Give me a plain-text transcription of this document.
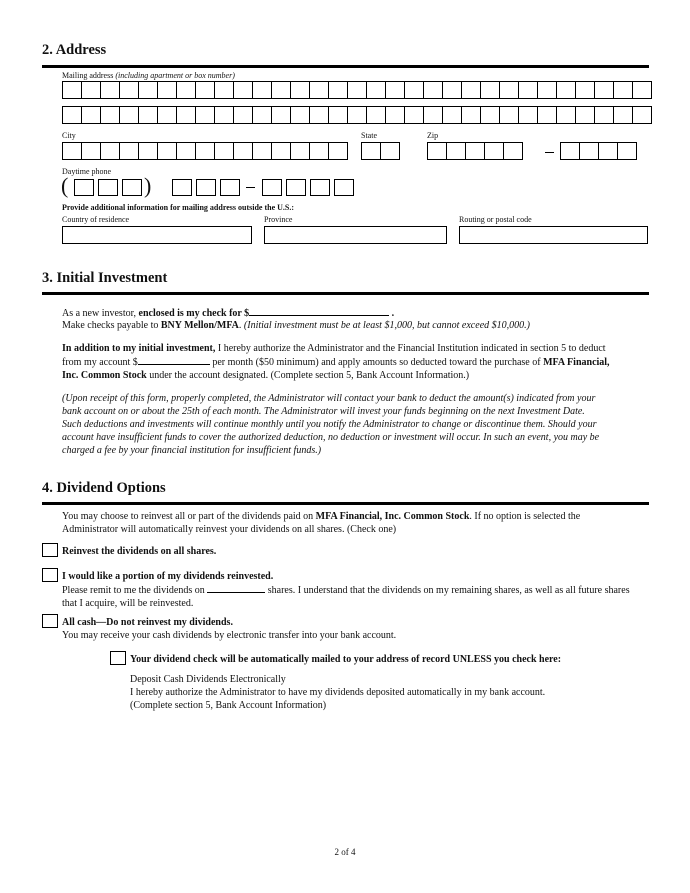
2. Address
Mailing address (including apartment or box number)
City	State	Zip
Daytime phone
(	)
Provide additional information for mailing address outside the U.S.:
Country of residence	Province	Routing or postal code
3. Initial Investment
As a new investor, enclosed is my check for $	.
Make checks payable to BNY Mellon/MFA. (Initial investment must be at least $1,000, but cannot exceed $10,000.)
In addition to my initial investment, I hereby authorize the Administrator and the Financial Institution indicated in section 5 to deduct
from my account $	per month ($50 minimum) and apply amounts so deducted toward the purchase of MFA Financial,
Inc. Common Stock under the account designated. (Complete section 5, Bank Account Information.)
(Upon receipt of this form, properly completed, the Administrator will contact your bank to deduct the amount(s) indicated from your
bank account on or about the 25th of each month. The Administrator will invest your funds beginning on the next Investment Date.
Such deductions and investments will continue monthly until you notify the Administrator to change or discontinue them. Should your
account have insufficient funds to cover the authorized deduction, no deduction or investment will occur. In such an event, you may be
charged a fee by your financial institution for insufficient funds.)
4. Dividend Options
You may choose to reinvest all or part of the dividends paid on MFA Financial, Inc. Common Stock. If no option is selected the
Administrator will automatically reinvest your dividends on all shares. (Check one)
Reinvest the dividends on all shares.
I would like a portion of my dividends reinvested.
Please remit to me the dividends on	shares. I understand that the dividends on my remaining shares, as well as all future shares
that I acquire, will be reinvested.
All cash—Do not reinvest my dividends.
You may receive your cash dividends by electronic transfer into your bank account.
Your dividend check will be automatically mailed to your address of record UNLESS you check here:
Deposit Cash Dividends Electronically
I hereby authorize the Administrator to have my dividends deposited automatically in my bank account.
(Complete section 5, Bank Account Information)
2 of 4
